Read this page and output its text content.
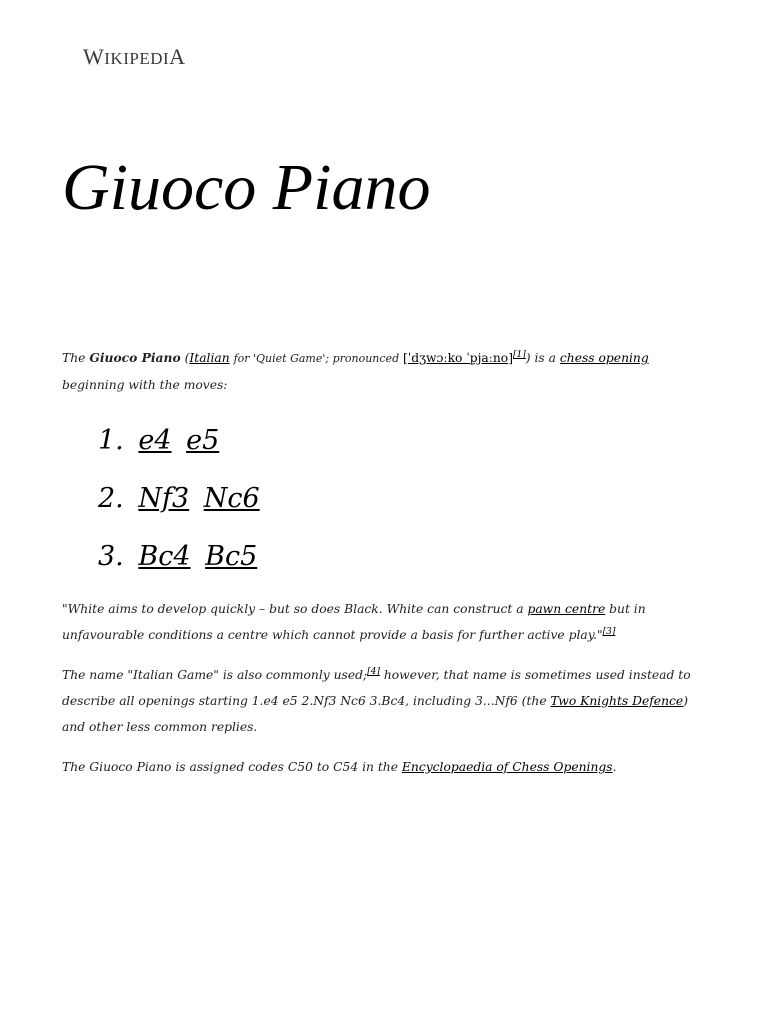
WIKIPEDIA
Giuoco Piano

The Giuoco Piano (Italian for 'Quiet Game'; pronounced [ˈdʒwɔːko ˈpjaːno][1]) is a chess opening beginning with the moves:

1. e4 e5
2. Nf3 Nc6
3. Bc4 Bc5

"White aims to develop quickly – but so does Black. White can construct a pawn centre but in unfavourable conditions a centre which cannot provide a basis for further active play."[3]

The name "Italian Game" is also commonly used;[4] however, that name is sometimes used instead to describe all openings starting 1.e4 e5 2.Nf3 Nc6 3.Bc4, including 3...Nf6 (the Two Knights Defence) and other less common replies.

The Giuoco Piano is assigned codes C50 to C54 in the Encyclopaedia of Chess Openings.
